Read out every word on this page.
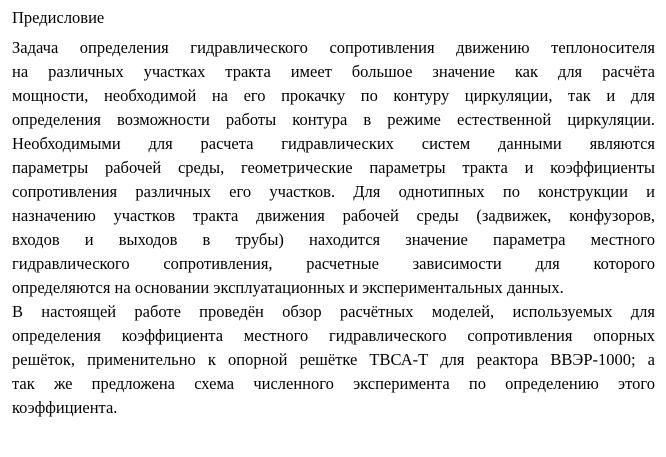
Предисловие
Задача определения гидравлического сопротивления движению теплоносителя
на различных участках тракта имеет большое значение как для расчёта
мощности, необходимой на его прокачку по контуру циркуляции, так и для
определения возможности работы контура в режиме естественной циркуляции.
Необходимыми для расчета гидравлических систем данными являются
параметры рабочей среды, геометрические параметры тракта и коэффициенты
сопротивления различных его участков. Для однотипных по конструкции и
назначению участков тракта движения рабочей среды (задвижек, конфузоров,
входов и выходов в трубы) находится значение параметра местного
гидравлического сопротивления, расчетные зависимости для которого
определяются на основании эксплуатационных и экспериментальных данных.
В настоящей работе проведён обзор расчётных моделей, используемых для
определения коэффициента местного гидравлического сопротивления опорных
решёток, применительно к опорной решётке ТВСА-Т для реактора ВВЭР-1000; а
так же предложена схема численного эксперимента по определению этого
коэффициента.
